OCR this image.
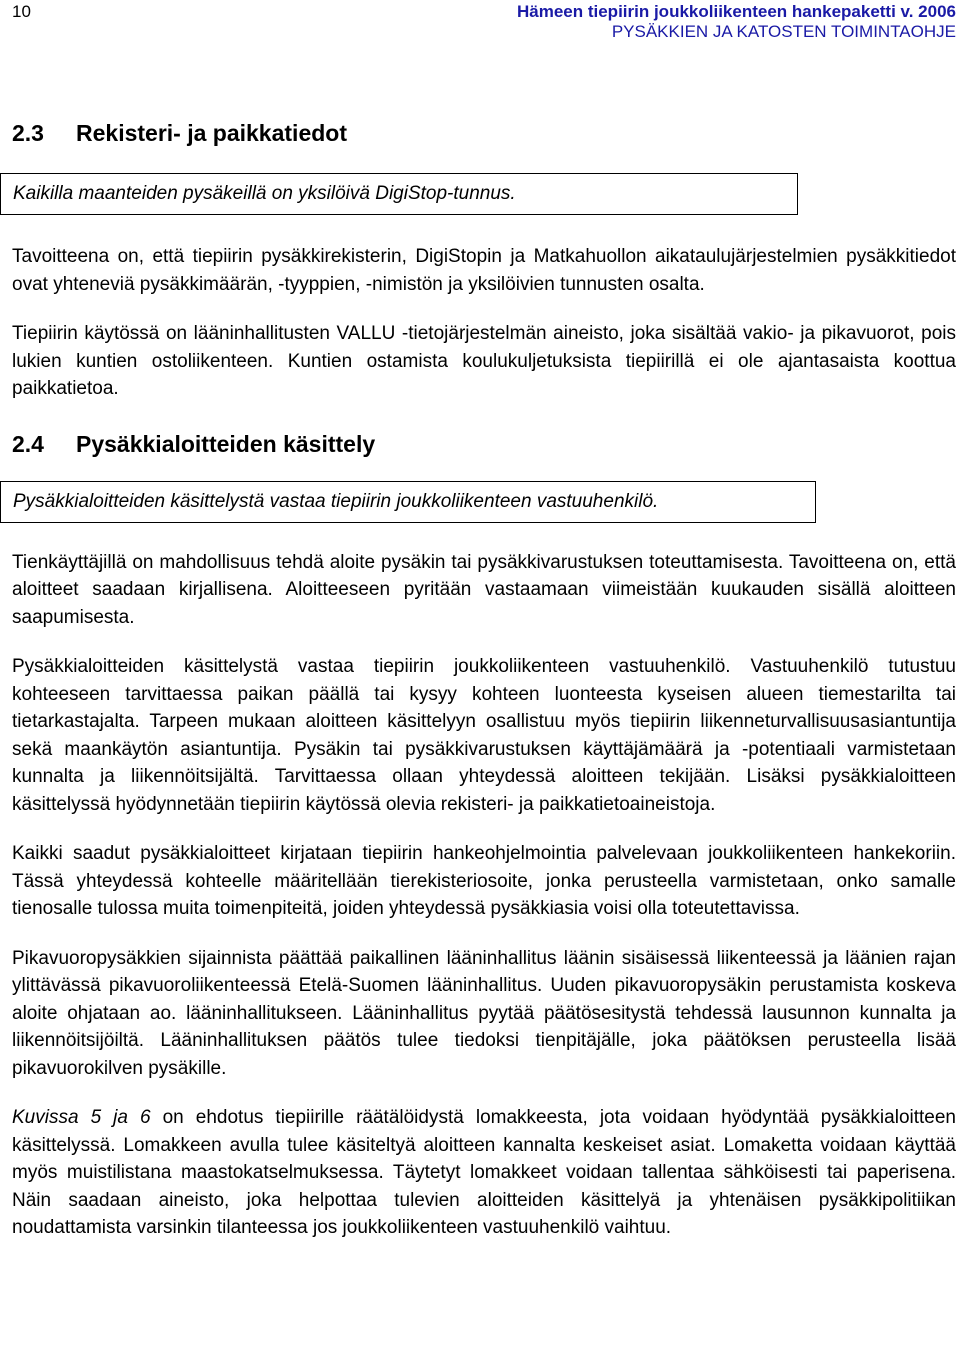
10	Hämeen tiepiirin joukkoliikenteen hankepaketti v. 2006
PYSÄKKIEN JA KATOSTEN TOIMINTAOHJE
2.3 Rekisteri- ja paikkatiedot
Kaikilla maanteiden pysäkeillä on yksilöivä DigiStop-tunnus.

Tavoitteena on, että tiepiirin pysäkkirekisterin, DigiStopin ja Matkahuollon aikataulujärjestelmien pysäkkitiedot ovat yhteneviä pysäkkimäärän, -tyyppien, -nimistön ja yksilöivien tunnusten osalta.

Tiepiirin käytössä on lääninhallitusten VALLU -tietojärjestelmän aineisto, joka sisältää vakio- ja pikavuorot, pois lukien kuntien ostoliikenteen. Kuntien ostamista koulukuljetuksista tiepiirillä ei ole ajantasaista koottua paikkatietoa.

2.4 Pysäkkialoitteiden käsittely
Pysäkkialoitteiden käsittelystä vastaa tiepiirin joukkoliikenteen vastuuhenkilö.

Tienkäyttäjillä on mahdollisuus tehdä aloite pysäkin tai pysäkkivarustuksen toteuttamisesta. Tavoitteena on, että aloitteet saadaan kirjallisena. Aloitteeseen pyritään vastaamaan viimeistään kuukauden sisällä aloitteen saapumisesta.

Pysäkkialoitteiden käsittelystä vastaa tiepiirin joukkoliikenteen vastuuhenkilö. Vastuuhenkilö tutustuu kohteeseen tarvittaessa paikan päällä tai kysyy kohteen luonteesta kyseisen alueen tiemestarilta tai tietarkastajalta. Tarpeen mukaan aloitteen käsittelyyn osallistuu myös tiepiirin liikenneturvallisuusasiantuntija sekä maankäytön asiantuntija. Pysäkin tai pysäkkivarustuksen käyttäjämäärä ja -potentiaali varmistetaan kunnalta ja liikennöitsijältä. Tarvittaessa ollaan yhteydessä aloitteen tekijään. Lisäksi pysäkkialoitteen käsittelyssä hyödynnetään tiepiirin käytössä olevia rekisteri- ja paikkatietoaineistoja.

Kaikki saadut pysäkkialoitteet kirjataan tiepiirin hankeohjelmointia palvelevaan joukkoliikenteen hankekoriin. Tässä yhteydessä kohteelle määritellään tierekisteriosoite, jonka perusteella varmistetaan, onko samalle tienosalle tulossa muita toimenpiteitä, joiden yhteydessä pysäkkiasia voisi olla toteutettavissa.

Pikavuoropysäkkien sijainnista päättää paikallinen lääninhallitus läänin sisäisessä liikenteessä ja läänien rajan ylittävässä pikavuoroliikenteessä Etelä-Suomen lääninhallitus. Uuden pikavuoropysäkin perustamista koskeva aloite ohjataan ao. lääninhallitukseen. Lääninhallitus pyytää päätösesitystä tehdessä lausunnon kunnalta ja liikennöitsijöiltä. Lääninhallituksen päätös tulee tiedoksi tienpitäjälle, joka päätöksen perusteella lisää pikavuorokilven pysäkille.

Kuvissa 5 ja 6 on ehdotus tiepiirille räätälöidystä lomakkeesta, jota voidaan hyödyntää pysäkkialoitteen käsittelyssä. Lomakkeen avulla tulee käsiteltyä aloitteen kannalta keskeiset asiat. Lomaketta voidaan käyttää myös muistilistana maastokatselmuksessa. Täytetyt lomakkeet voidaan tallentaa sähköisesti tai paperisena. Näin saadaan aineisto, joka helpottaa tulevien aloitteiden käsittelyä ja yhtenäisen pysäkkipolitiikan noudattamista varsinkin tilanteessa jos joukkoliikenteen vastuuhenkilö vaihtuu.
